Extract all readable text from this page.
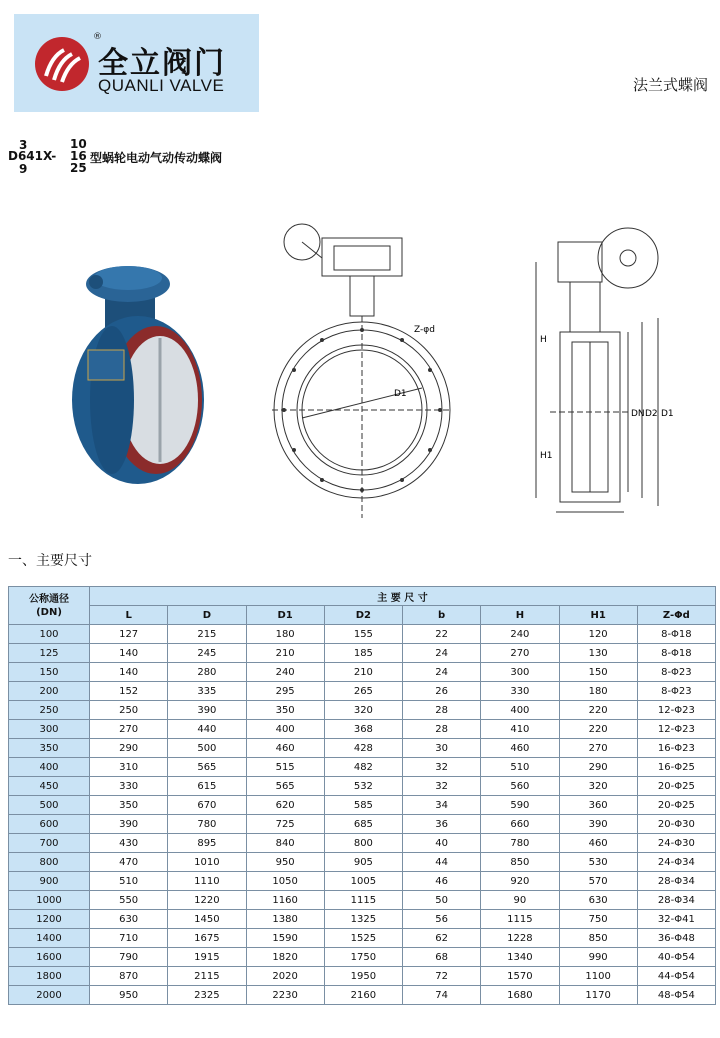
®
全立阀门
QUANLI VALVE	法兰式蝶阀
3
D641X-
9
10
16
25
型蜗轮电动气动传动蝶阀
Z-φd
D1
H
H1
DN D2 D1
一、主要尺寸
公称通径
(DN)	主 要 尺 寸							
	L	D	D1	D2	b	H	H1	Z-Φd
100	127	215	180	155	22	240	120	8-Φ18
125	140	245	210	185	24	270	130	8-Φ18
150	140	280	240	210	24	300	150	8-Φ23
200	152	335	295	265	26	330	180	8-Φ23
250	250	390	350	320	28	400	220	12-Φ23
300	270	440	400	368	28	410	220	12-Φ23
350	290	500	460	428	30	460	270	16-Φ23
400	310	565	515	482	32	510	290	16-Φ25
450	330	615	565	532	32	560	320	20-Φ25
500	350	670	620	585	34	590	360	20-Φ25
600	390	780	725	685	36	660	390	20-Φ30
700	430	895	840	800	40	780	460	24-Φ30
800	470	1010	950	905	44	850	530	24-Φ34
900	510	1110	1050	1005	46	920	570	28-Φ34
1000	550	1220	1160	1115	50	90	630	28-Φ34
1200	630	1450	1380	1325	56	1115	750	32-Φ41
1400	710	1675	1590	1525	62	1228	850	36-Φ48
1600	790	1915	1820	1750	68	1340	990	40-Φ54
1800	870	2115	2020	1950	72	1570	1100	44-Φ54
2000	950	2325	2230	2160	74	1680	1170	48-Φ54
